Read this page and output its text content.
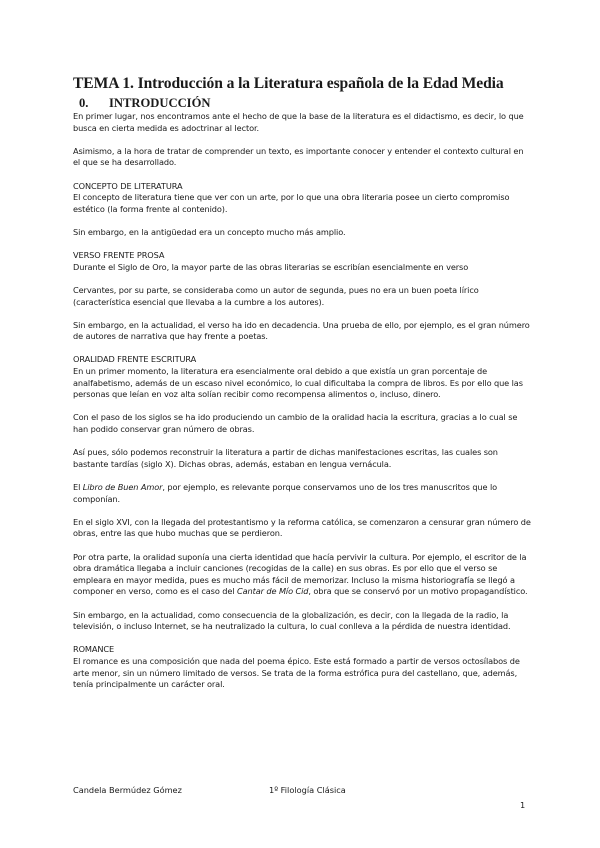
TEMA 1. Introducción a la Literatura española de la Edad Media
0. INTRODUCCIÓN

En primer lugar, nos encontramos ante el hecho de que la base de la literatura es el didactismo, es decir, lo que busca en cierta medida es adoctrinar al lector.

Asimismo, a la hora de tratar de comprender un texto, es importante conocer y entender el contexto cultural en el que se ha desarrollado.

CONCEPTO DE LITERATURA

El concepto de literatura tiene que ver con un arte, por lo que una obra literaria posee un cierto compromiso estético (la forma frente al contenido).

Sin embargo, en la antigüedad era un concepto mucho más amplio.

VERSO FRENTE PROSA

Durante el Siglo de Oro, la mayor parte de las obras literarias se escribían esencialmente en verso

Cervantes, por su parte, se consideraba como un autor de segunda, pues no era un buen poeta lírico (característica esencial que llevaba a la cumbre a los autores).

Sin embargo, en la actualidad, el verso ha ido en decadencia. Una prueba de ello, por ejemplo, es el gran número de autores de narrativa que hay frente a poetas.

ORALIDAD FRENTE ESCRITURA

En un primer momento, la literatura era esencialmente oral debido a que existía un gran porcentaje de analfabetismo, además de un escaso nivel económico, lo cual dificultaba la compra de libros. Es por ello que las personas que leían en voz alta solían recibir como recompensa alimentos o, incluso, dinero.

Con el paso de los siglos se ha ido produciendo un cambio de la oralidad hacia la escritura, gracias a lo cual se han podido conservar gran número de obras.

Así pues, sólo podemos reconstruir la literatura a partir de dichas manifestaciones escritas, las cuales son bastante tardías (siglo X). Dichas obras, además, estaban en lengua vernácula.

El Libro de Buen Amor, por ejemplo, es relevante porque conservamos uno de los tres manuscritos que lo componían.

En el siglo XVI, con la llegada del protestantismo y la reforma católica, se comenzaron a censurar gran número de obras, entre las que hubo muchas que se perdieron.

Por otra parte, la oralidad suponía una cierta identidad que hacía pervivir la cultura. Por ejemplo, el escritor de la obra dramática llegaba a incluir canciones (recogidas de la calle) en sus obras. Es por ello que el verso se empleara en mayor medida, pues es mucho más fácil de memorizar. Incluso la misma historiografía se llegó a componer en verso, como es el caso del Cantar de Mío Cid, obra que se conservó por un motivo propagandístico.

Sin embargo, en la actualidad, como consecuencia de la globalización, es decir, con la llegada de la radio, la televisión, o incluso Internet, se ha neutralizado la cultura, lo cual conlleva a la pérdida de nuestra identidad.

ROMANCE

El romance es una composición que nada del poema épico. Este está formado a partir de versos octosílabos de arte menor, sin un número limitado de versos. Se trata de la forma estrófica pura del castellano, que, además, tenía principalmente un carácter oral.

Candela Bermúdez Gómez	1º Filología Clásica
1
